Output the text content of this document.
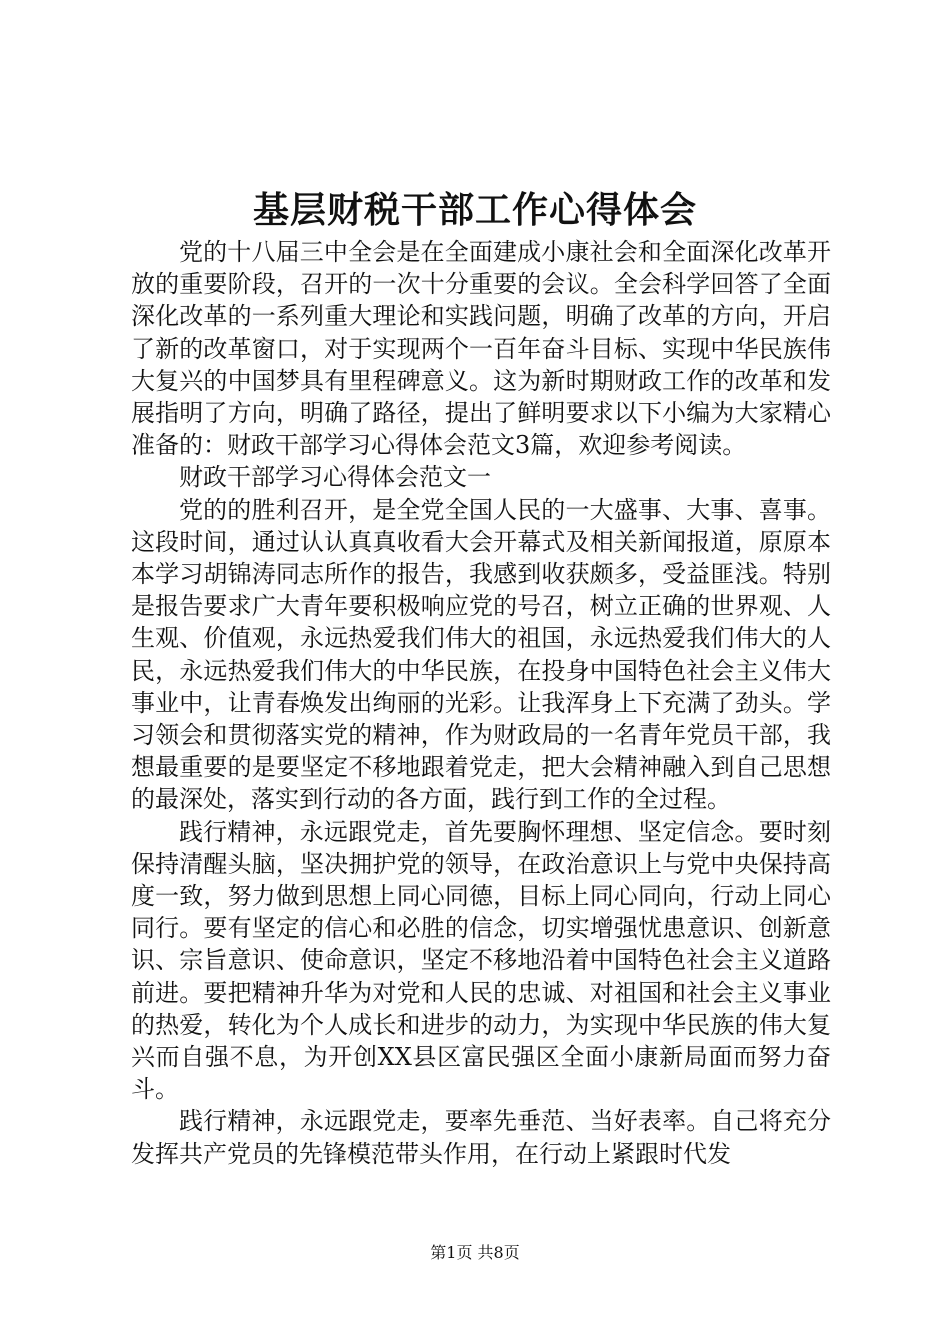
基层财税干部工作心得体会

党的十八届三中全会是在全面建成小康社会和全面深化改革开放的重要阶段，召开的一次十分重要的会议。全会科学回答了全面深化改革的一系列重大理论和实践问题，明确了改革的方向，开启了新的改革窗口，对于实现两个一百年奋斗目标、实现中华民族伟大复兴的中国梦具有里程碑意义。这为新时期财政工作的改革和发展指明了方向，明确了路径，提出了鲜明要求以下小编为大家精心准备的：财政干部学习心得体会范文3篇，欢迎参考阅读。

财政干部学习心得体会范文一

党的的胜利召开，是全党全国人民的一大盛事、大事、喜事。这段时间，通过认认真真收看大会开幕式及相关新闻报道，原原本本学习胡锦涛同志所作的报告，我感到收获颇多，受益匪浅。特别是报告要求广大青年要积极响应党的号召，树立正确的世界观、人生观、价值观，永远热爱我们伟大的祖国，永远热爱我们伟大的人民，永远热爱我们伟大的中华民族，在投身中国特色社会主义伟大事业中，让青春焕发出绚丽的光彩。让我浑身上下充满了劲头。学习领会和贯彻落实党的精神，作为财政局的一名青年党员干部，我想最重要的是要坚定不移地跟着党走，把大会精神融入到自己思想的最深处，落实到行动的各方面，践行到工作的全过程。

践行精神，永远跟党走，首先要胸怀理想、坚定信念。要时刻保持清醒头脑，坚决拥护党的领导，在政治意识上与党中央保持高度一致，努力做到思想上同心同德，目标上同心同向，行动上同心同行。要有坚定的信心和必胜的信念，切实增强忧患意识、创新意识、宗旨意识、使命意识，坚定不移地沿着中国特色社会主义道路前进。要把精神升华为对党和人民的忠诚、对祖国和社会主义事业的热爱，转化为个人成长和进步的动力，为实现中华民族的伟大复兴而自强不息，为开创XX县区富民强区全面小康新局面而努力奋斗。

践行精神，永远跟党走，要率先垂范、当好表率。自己将充分发挥共产党员的先锋模范带头作用，在行动上紧跟时代发

第1页 共8页
